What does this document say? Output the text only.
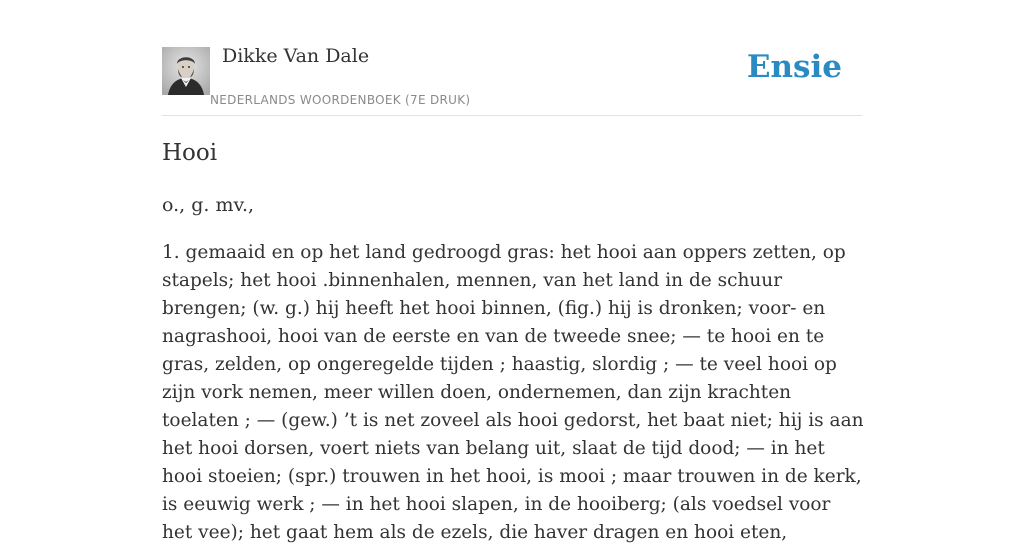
Dikke Van Dale
NEDERLANDS WOORDENBOEK (7E DRUK)
Ensie
Hooi
o., g. mv.,

1. gemaaid en op het land gedroogd gras: het hooi aan oppers zetten, op stapels; het hooi .binnenhalen, mennen, van het land in de schuur brengen; (w. g.) hij heeft het hooi binnen, (fig.) hij is dronken; voor- en nagrashooi, hooi van de eerste en van de tweede snee; — te hooi en te gras, zelden, op ongeregelde tijden ; haastig, slordig ; — te veel hooi op zijn vork nemen, meer willen doen, ondernemen, dan zijn krachten toelaten ; — (gew.) ’t is net zoveel als hooi gedorst, het baat niet; hij is aan het hooi dorsen, voert niets van belang uit, slaat de tijd dood; — in het hooi stoeien; (spr.) trouwen in het hooi, is mooi ; maar trouwen in de kerk, is eeuwig werk ; — in het hooi slapen, in de hooiberg; (als voedsel voor het vee); het gaat hem als de ezels, die haver dragen en hooi eten,
